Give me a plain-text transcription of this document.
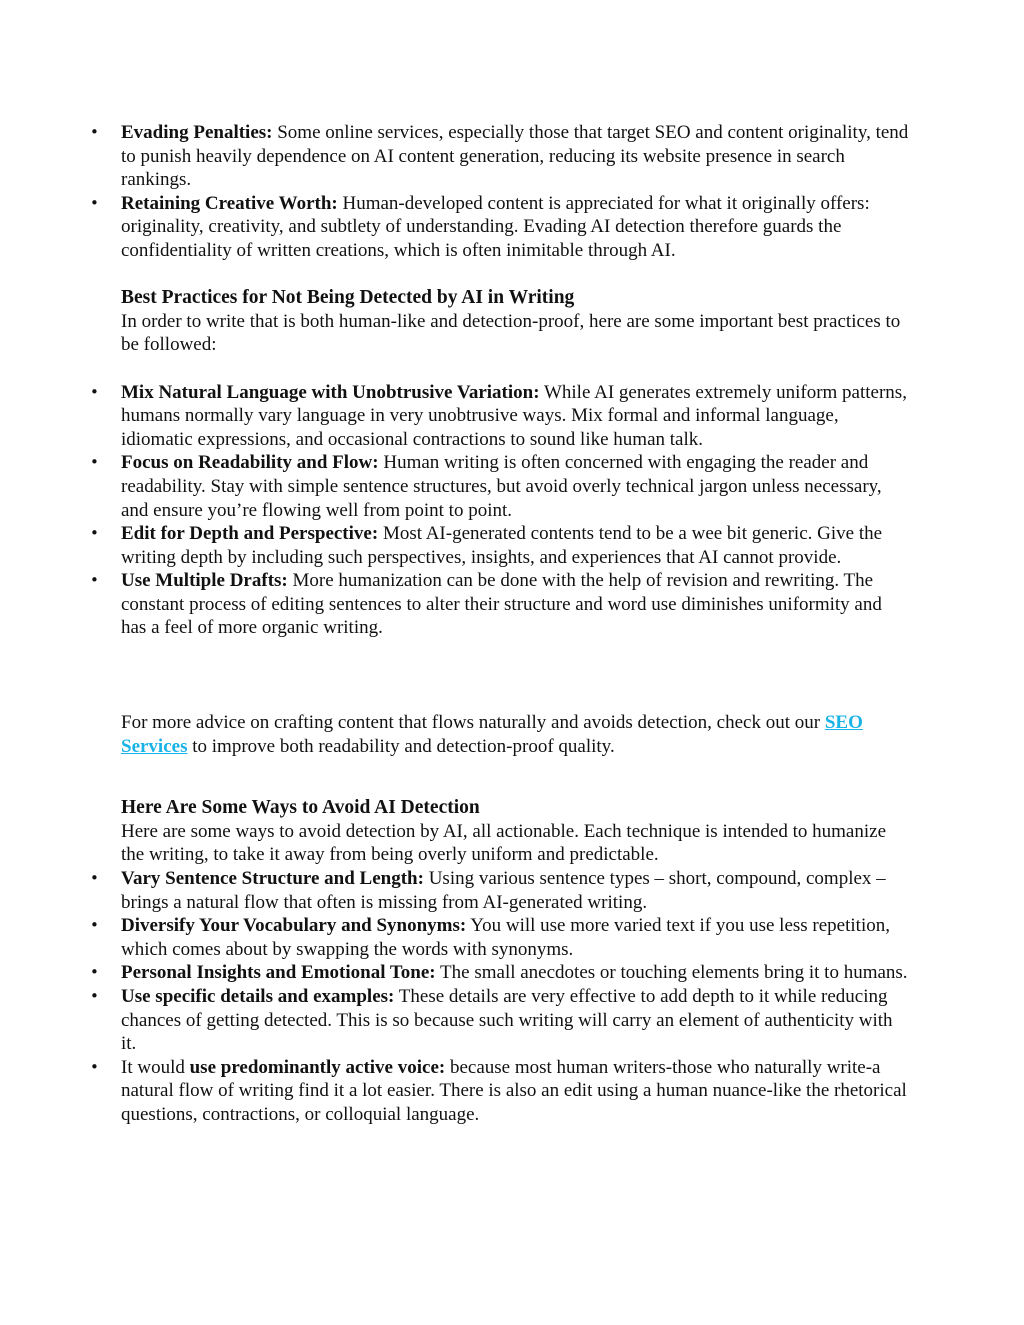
• Evading Penalties: Some online services, especially those that target SEO and content originality, tend to punish heavily dependence on AI content generation, reducing its website presence in search rankings.
• Retaining Creative Worth: Human-developed content is appreciated for what it originally offers: originality, creativity, and subtlety of understanding. Evading AI detection therefore guards the confidentiality of written creations, which is often inimitable through AI.
Best Practices for Not Being Detected by AI in Writing

In order to write that is both human-like and detection-proof, here are some important best practices to be followed:

• Mix Natural Language with Unobtrusive Variation: While AI generates extremely uniform patterns, humans normally vary language in very unobtrusive ways. Mix formal and informal language, idiomatic expressions, and occasional contractions to sound like human talk.
• Focus on Readability and Flow: Human writing is often concerned with engaging the reader and readability. Stay with simple sentence structures, but avoid overly technical jargon unless necessary, and ensure you’re flowing well from point to point.
• Edit for Depth and Perspective: Most AI-generated contents tend to be a wee bit generic. Give the writing depth by including such perspectives, insights, and experiences that AI cannot provide.
• Use Multiple Drafts: More humanization can be done with the help of revision and rewriting. The constant process of editing sentences to alter their structure and word use diminishes uniformity and has a feel of more organic writing.

For more advice on crafting content that flows naturally and avoids detection, check out our SEO Services to improve both readability and detection-proof quality.

Here Are Some Ways to Avoid AI Detection

Here are some ways to avoid detection by AI, all actionable. Each technique is intended to humanize the writing, to take it away from being overly uniform and predictable.

• Vary Sentence Structure and Length: Using various sentence types – short, compound, complex – brings a natural flow that often is missing from AI-generated writing.
• Diversify Your Vocabulary and Synonyms: You will use more varied text if you use less repetition, which comes about by swapping the words with synonyms.
• Personal Insights and Emotional Tone: The small anecdotes or touching elements bring it to humans.
• Use specific details and examples: These details are very effective to add depth to it while reducing chances of getting detected. This is so because such writing will carry an element of authenticity with it.
• It would use predominantly active voice: because most human writers-those who naturally write-a natural flow of writing find it a lot easier. There is also an edit using a human nuance-like the rhetorical questions, contractions, or colloquial language.
